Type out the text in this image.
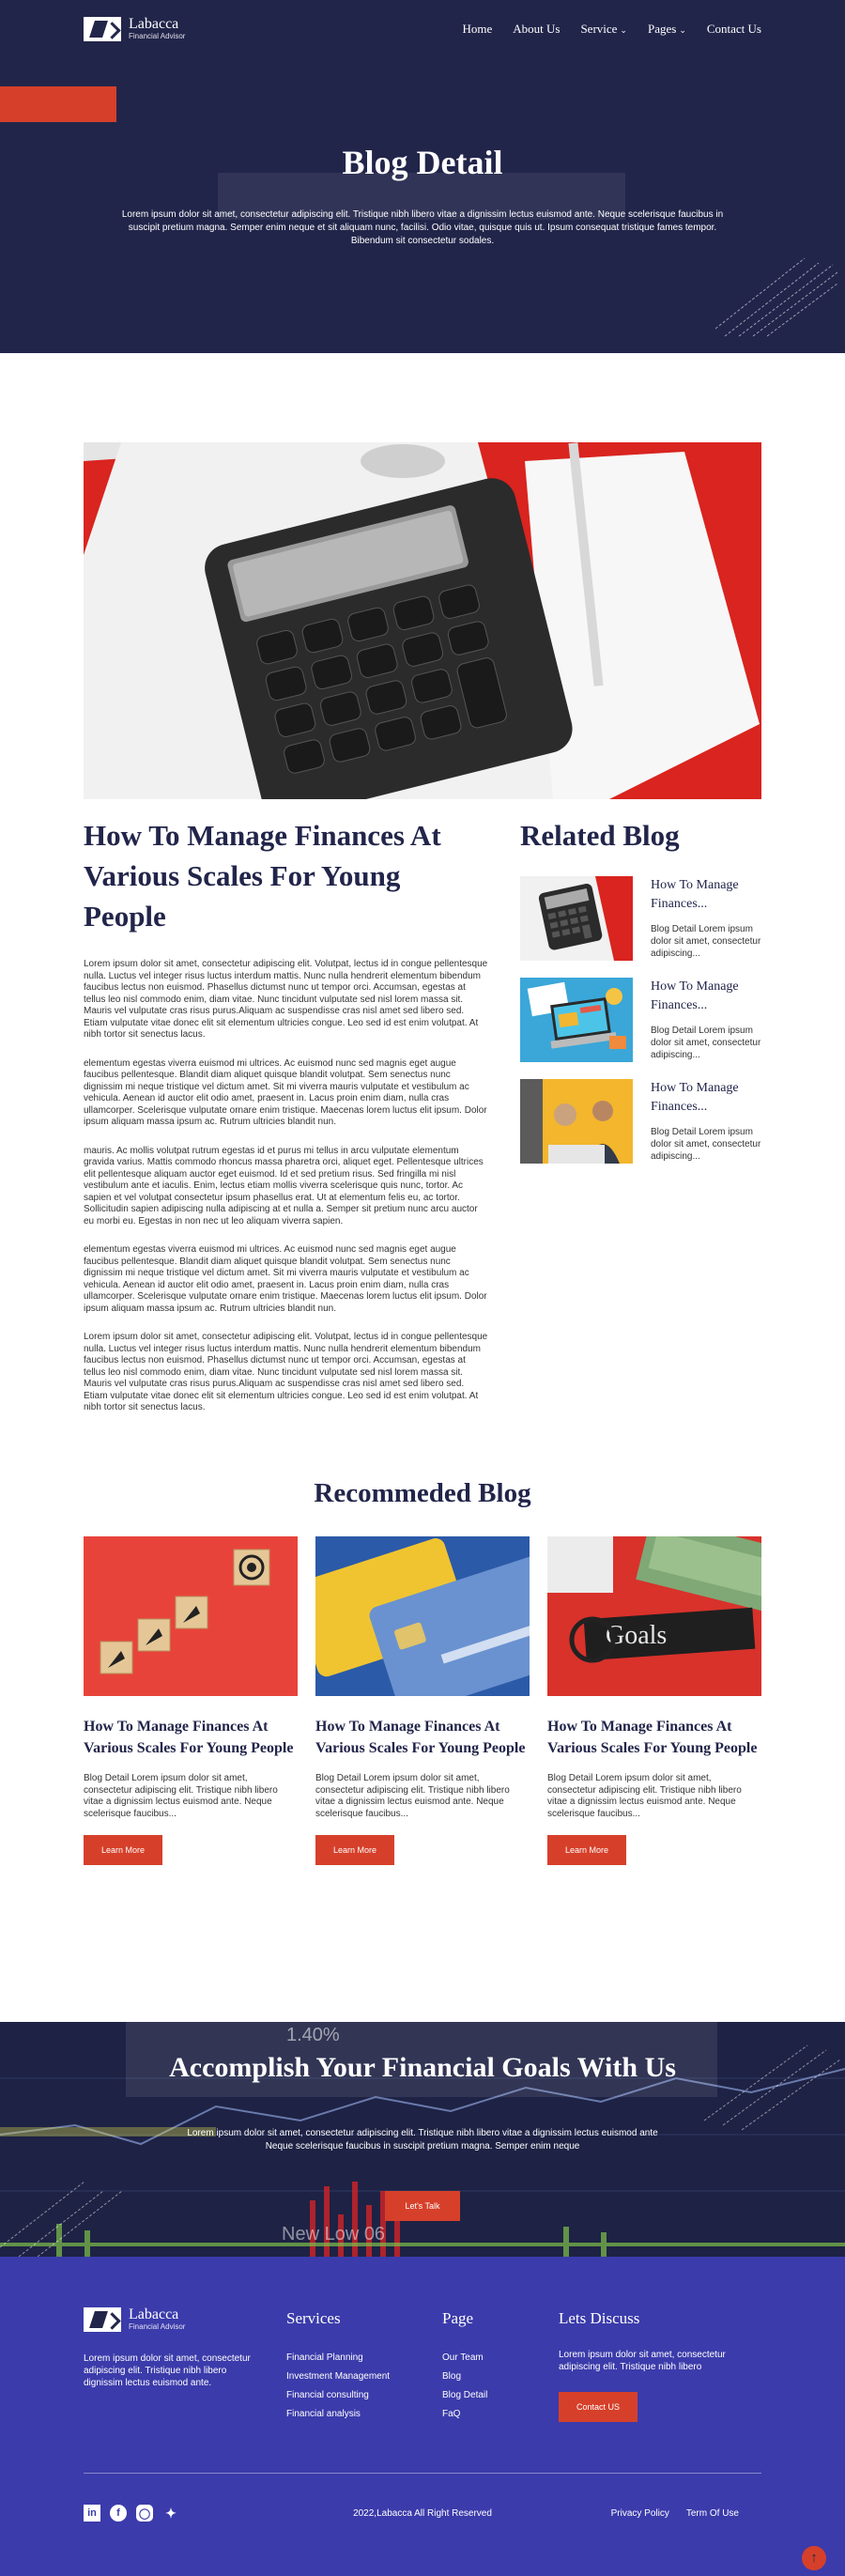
Labacca
Financial Advisor
Home About Us Service ⌄ Pages ⌄ Contact Us
Blog Detail

Lorem ipsum dolor sit amet, consectetur adipiscing elit. Tristique nibh libero vitae a dignissim lectus euismod ante. Neque scelerisque faucibus in suscipit pretium magna. Semper enim neque et sit aliquam nunc, facilisi. Odio vitae, quisque quis ut. Ipsum consequat tristique fames tempor. Bibendum sit consectetur sodales.

How To Manage Finances At Various Scales For Young People

Lorem ipsum dolor sit amet, consectetur adipiscing elit. Volutpat, lectus id in congue pellentesque nulla. Luctus vel integer risus luctus interdum mattis. Nunc nulla hendrerit elementum bibendum faucibus lectus non euismod. Phasellus dictumst nunc ut tempor orci. Accumsan, egestas at tellus leo nisl commodo enim, diam vitae. Nunc tincidunt vulputate sed nisl lorem massa sit. Mauris vel vulputate cras risus purus.Aliquam ac suspendisse cras nisl amet sed libero sed. Etiam vulputate vitae donec elit sit elementum ultricies congue. Leo sed id est enim volutpat. At nibh tortor sit senectus lacus.

elementum egestas viverra euismod mi ultrices. Ac euismod nunc sed magnis eget augue faucibus pellentesque. Blandit diam aliquet quisque blandit volutpat. Sem senectus nunc dignissim mi neque tristique vel dictum amet. Sit mi viverra mauris vulputate et vestibulum ac vehicula. Aenean id auctor elit odio amet, praesent in. Lacus proin enim diam, nulla cras ullamcorper. Scelerisque vulputate ornare enim tristique. Maecenas lorem luctus elit ipsum. Dolor ipsum aliquam massa ipsum ac. Rutrum ultricies blandit nun.

mauris. Ac mollis volutpat rutrum egestas id et purus mi tellus in arcu vulputate elementum gravida varius. Mattis commodo rhoncus massa pharetra orci, aliquet eget. Pellentesque ultrices elit pellentesque aliquam auctor eget euismod. Id et sed pretium risus. Sed fringilla mi nisl vestibulum ante et iaculis. Enim, lectus etiam mollis viverra scelerisque quis nunc, tortor. Ac sapien et vel volutpat consectetur ipsum phasellus erat. Ut at elementum felis eu, ac tortor. Sollicitudin sapien adipiscing nulla adipiscing at et nulla a. Semper sit pretium nunc arcu auctor eu morbi eu. Egestas in non nec ut leo aliquam viverra sapien.

elementum egestas viverra euismod mi ultrices. Ac euismod nunc sed magnis eget augue faucibus pellentesque. Blandit diam aliquet quisque blandit volutpat. Sem senectus nunc dignissim mi neque tristique vel dictum amet. Sit mi viverra mauris vulputate et vestibulum ac vehicula. Aenean id auctor elit odio amet, praesent in. Lacus proin enim diam, nulla cras ullamcorper. Scelerisque vulputate ornare enim tristique. Maecenas lorem luctus elit ipsum. Dolor ipsum aliquam massa ipsum ac. Rutrum ultricies blandit nun.

Lorem ipsum dolor sit amet, consectetur adipiscing elit. Volutpat, lectus id in congue pellentesque nulla. Luctus vel integer risus luctus interdum mattis. Nunc nulla hendrerit elementum bibendum faucibus lectus non euismod. Phasellus dictumst nunc ut tempor orci. Accumsan, egestas at tellus leo nisl commodo enim, diam vitae. Nunc tincidunt vulputate sed nisl lorem massa sit. Mauris vel vulputate cras risus purus.Aliquam ac suspendisse cras nisl amet sed libero sed. Etiam vulputate vitae donec elit sit elementum ultricies congue. Leo sed id est enim volutpat. At nibh tortor sit senectus lacus.

Related Blog
How To Manage Finances...
Blog Detail Lorem ipsum dolor sit amet, consectetur adipiscing...
How To Manage Finances...
Blog Detail Lorem ipsum dolor sit amet, consectetur adipiscing...
How To Manage Finances...
Blog Detail Lorem ipsum dolor sit amet, consectetur adipiscing...
Recommeded Blog
How To Manage Finances At Various Scales For Young People

Blog Detail Lorem ipsum dolor sit amet, consectetur adipiscing elit. Tristique nibh libero vitae a dignissim lectus euismod ante. Neque scelerisque faucibus...

Learn More
How To Manage Finances At Various Scales For Young People

Blog Detail Lorem ipsum dolor sit amet, consectetur adipiscing elit. Tristique nibh libero vitae a dignissim lectus euismod ante. Neque scelerisque faucibus...

Learn More
Goals
How To Manage Finances At Various Scales For Young People

Blog Detail Lorem ipsum dolor sit amet, consectetur adipiscing elit. Tristique nibh libero vitae a dignissim lectus euismod ante. Neque scelerisque faucibus...

Learn More
1.40%
New Low 06
Accomplish Your Financial Goals With Us

Lorem ipsum dolor sit amet, consectetur adipiscing elit. Tristique nibh libero vitae a dignissim lectus euismod ante Neque scelerisque faucibus in suscipit pretium magna. Semper enim neque

Let's Talk
Labacca
Financial Advisor

Lorem ipsum dolor sit amet, consectetur adipiscing elit. Tristique nibh libero dignissim lectus euismod ante.

Services
Financial Planning
Investment Management
Financial consulting
Financial analysis
Page
Our Team
Blog
Blog Detail
FaQ
Lets Discuss

Lorem ipsum dolor sit amet, consectetur adipiscing elit. Tristique nibh libero

Contact US
in	f	◯ ✦	2022,Labacca All Right Reserved	Privacy Policy Term Of Use
↑
